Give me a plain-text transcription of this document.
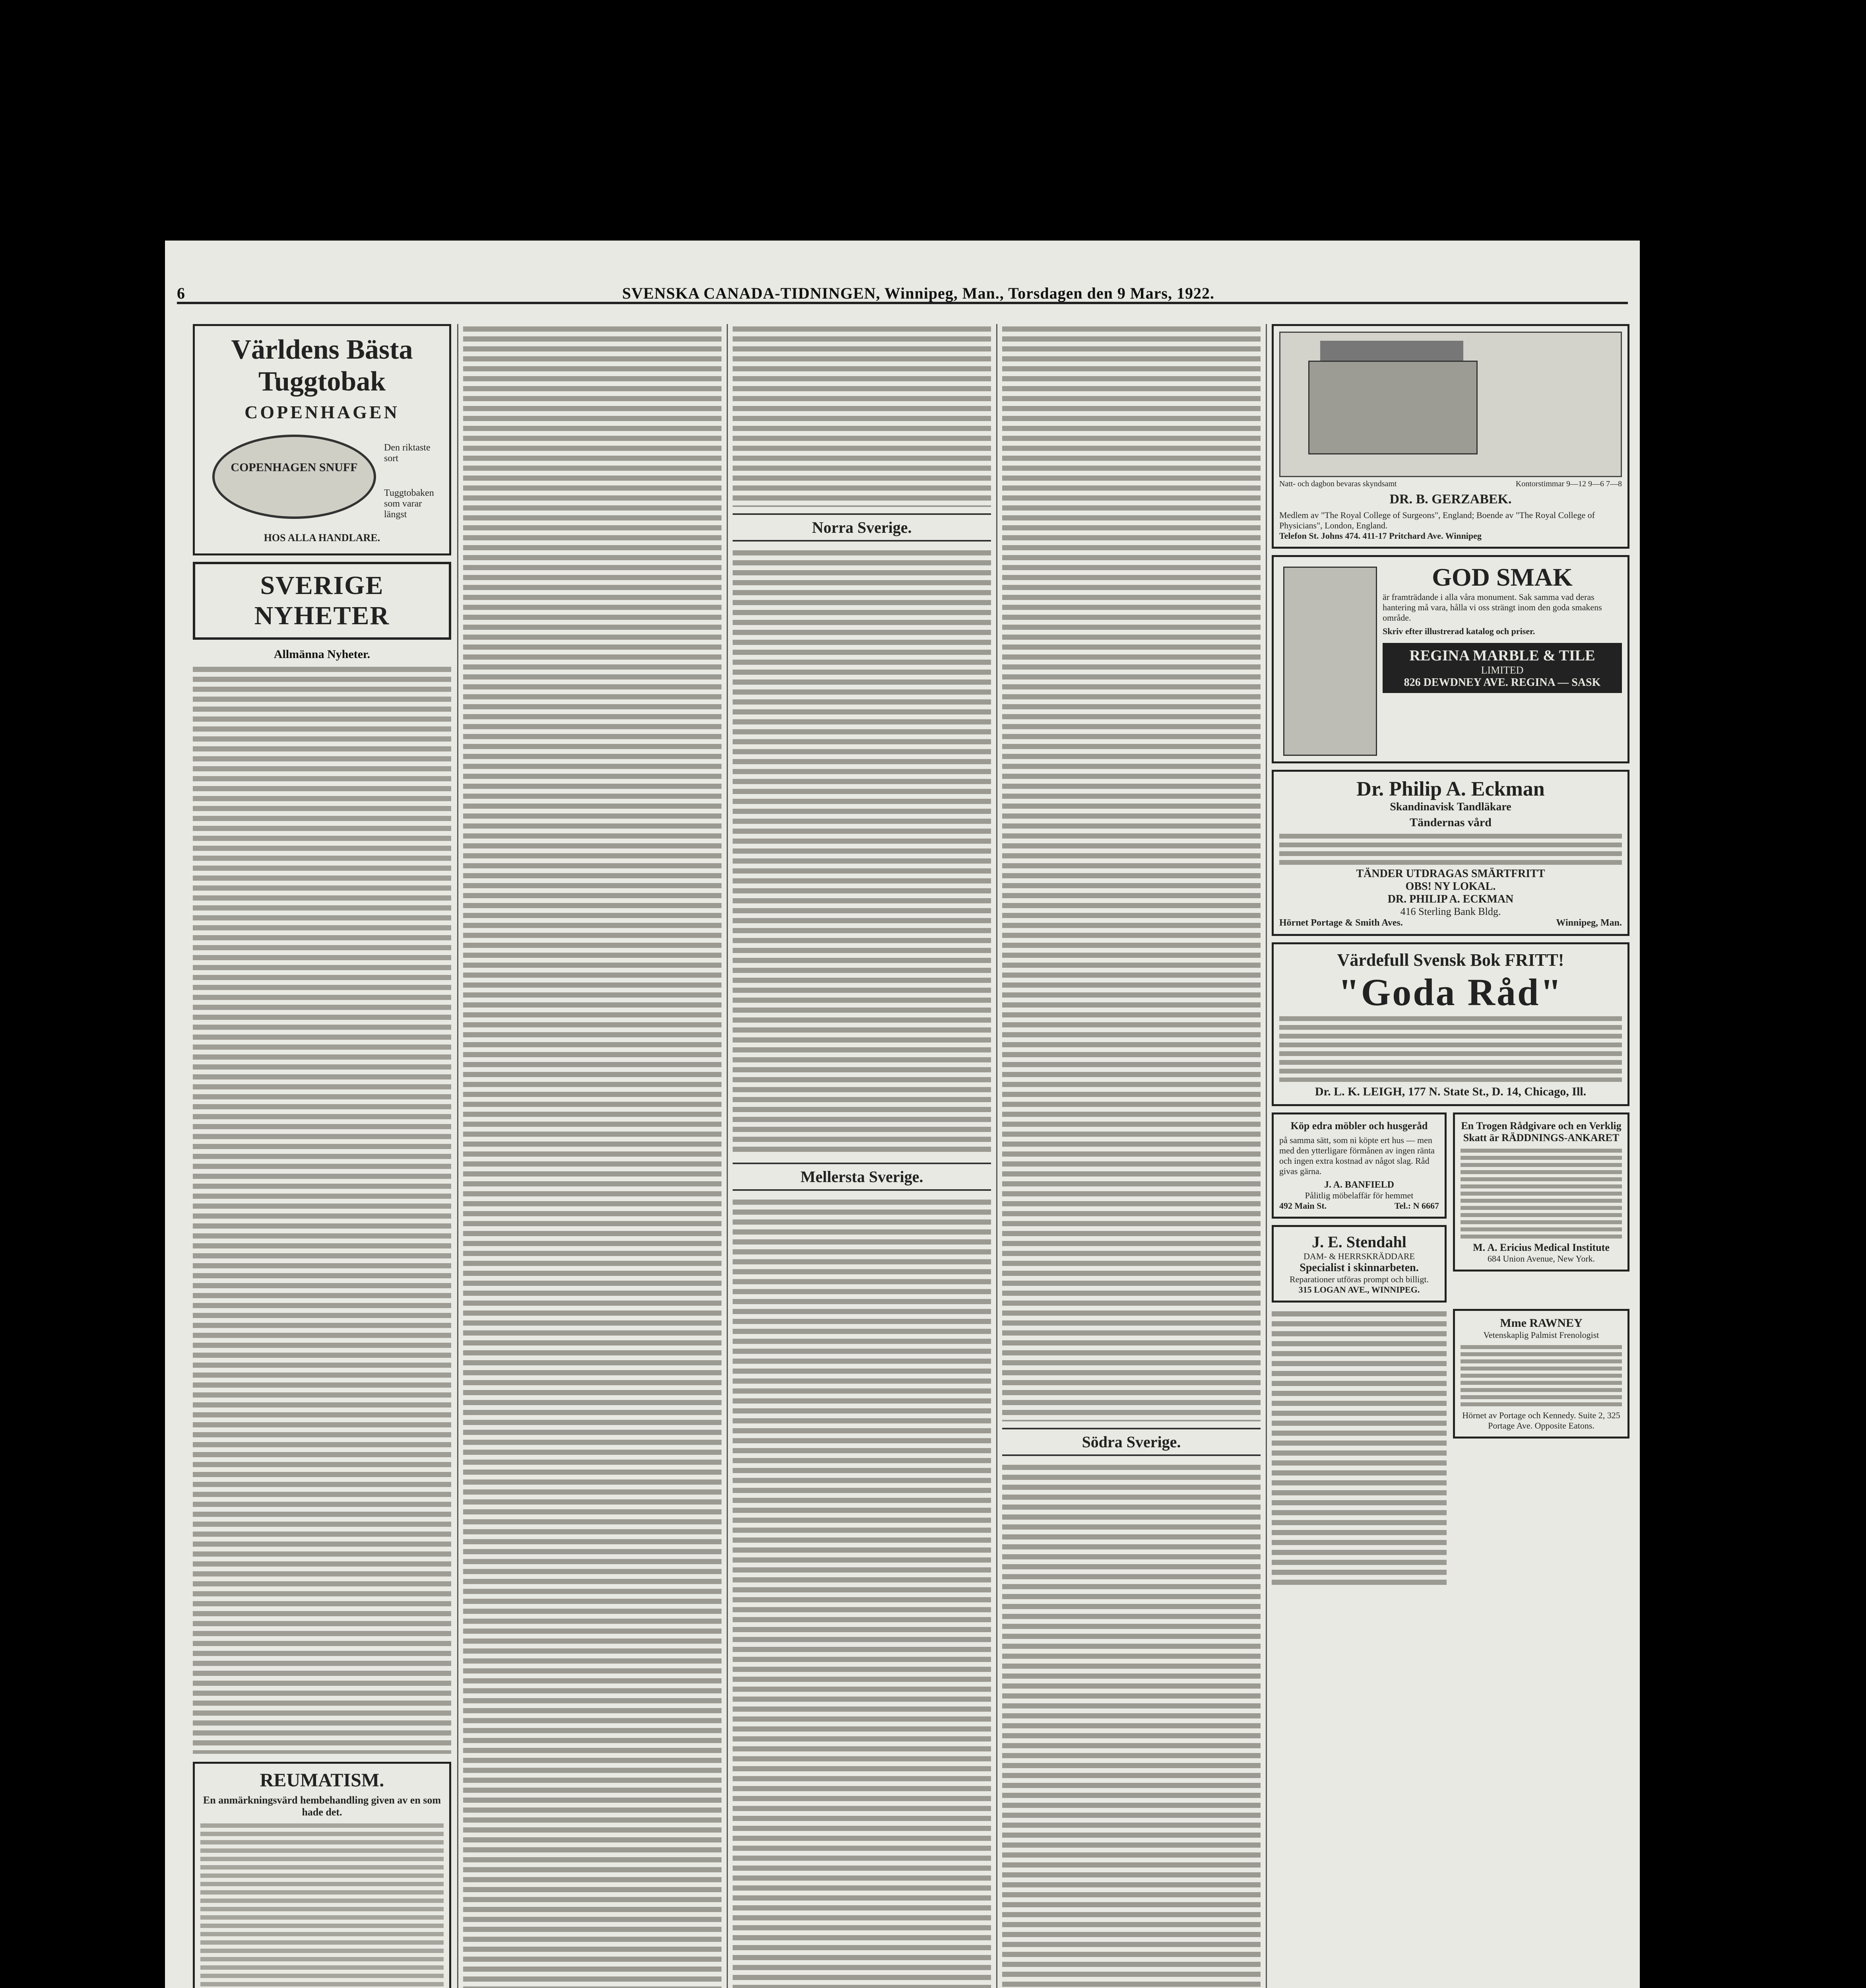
6	SVENSKA CANADA-TIDNINGEN, Winnipeg, Man., Torsdagen den 9 Mars, 1922.
Världens Bästa Tuggtobak
COPENHAGEN
COPENHAGEN SNUFF
Den riktaste sort
Tuggtobaken som varar längst
HOS ALLA HANDLARE.
SVERIGE NYHETER
Allmänna Nyheter.
REUMATISM.
En anmärkningsvärd hembehandling given av en som hade det.
Norra Sverige.
Mellersta Sverige.
Södra Sverige.
Natt- och dagbon bevaras skyndsamt	Kontorstimmar 9—12 9—6 7—8
DR. B. GERZABEK.
Medlem av "The Royal College of Surgeons", England; Boende av "The Royal College of Physicians", London, England.
Telefon St. Johns 474. 411-17 Pritchard Ave. Winnipeg
GOD SMAK
är framträdande i alla våra monument. Sak samma vad deras hantering må vara, hålla vi oss strängt inom den goda smakens område.
Skriv efter illustrerad katalog och priser.
REGINA MARBLE & TILE
LIMITED
826 DEWDNEY AVE. REGINA — SASK
Dr. Philip A. Eckman
Skandinavisk Tandläkare
Tändernas vård
TÄNDER UTDRAGAS SMÄRTFRITT
OBS! NY LOKAL.
DR. PHILIP A. ECKMAN
416 Sterling Bank Bldg.
Hörnet Portage & Smith Aves.	Winnipeg, Man.
Värdefull Svensk Bok FRITT!
"Goda Råd"
Dr. L. K. LEIGH, 177 N. State St., D. 14, Chicago, Ill.
Köp edra möbler och husgeråd
på samma sätt, som ni köpte ert hus — men med den ytterligare förmånen av ingen ränta och ingen extra kostnad av något slag. Råd givas gärna.
J. A. BANFIELD
Pålitlig möbelaffär för hemmet
492 Main St.	Tel.: N 6667
J. E. Stendahl
DAM- & HERRSKRÄDDARE
Specialist i skinnarbeten.
Reparationer utföras prompt och billigt.
315 LOGAN AVE., WINNIPEG.
En Trogen Rådgivare och en Verklig Skatt är RÄDDNINGS-ANKARET
M. A. Ericius Medical Institute
684 Union Avenue, New York.
Mme RAWNEY
Vetenskaplig Palmist Frenologist
Hörnet av Portage och Kennedy. Suite 2, 325 Portage Ave. Opposite Eatons.
